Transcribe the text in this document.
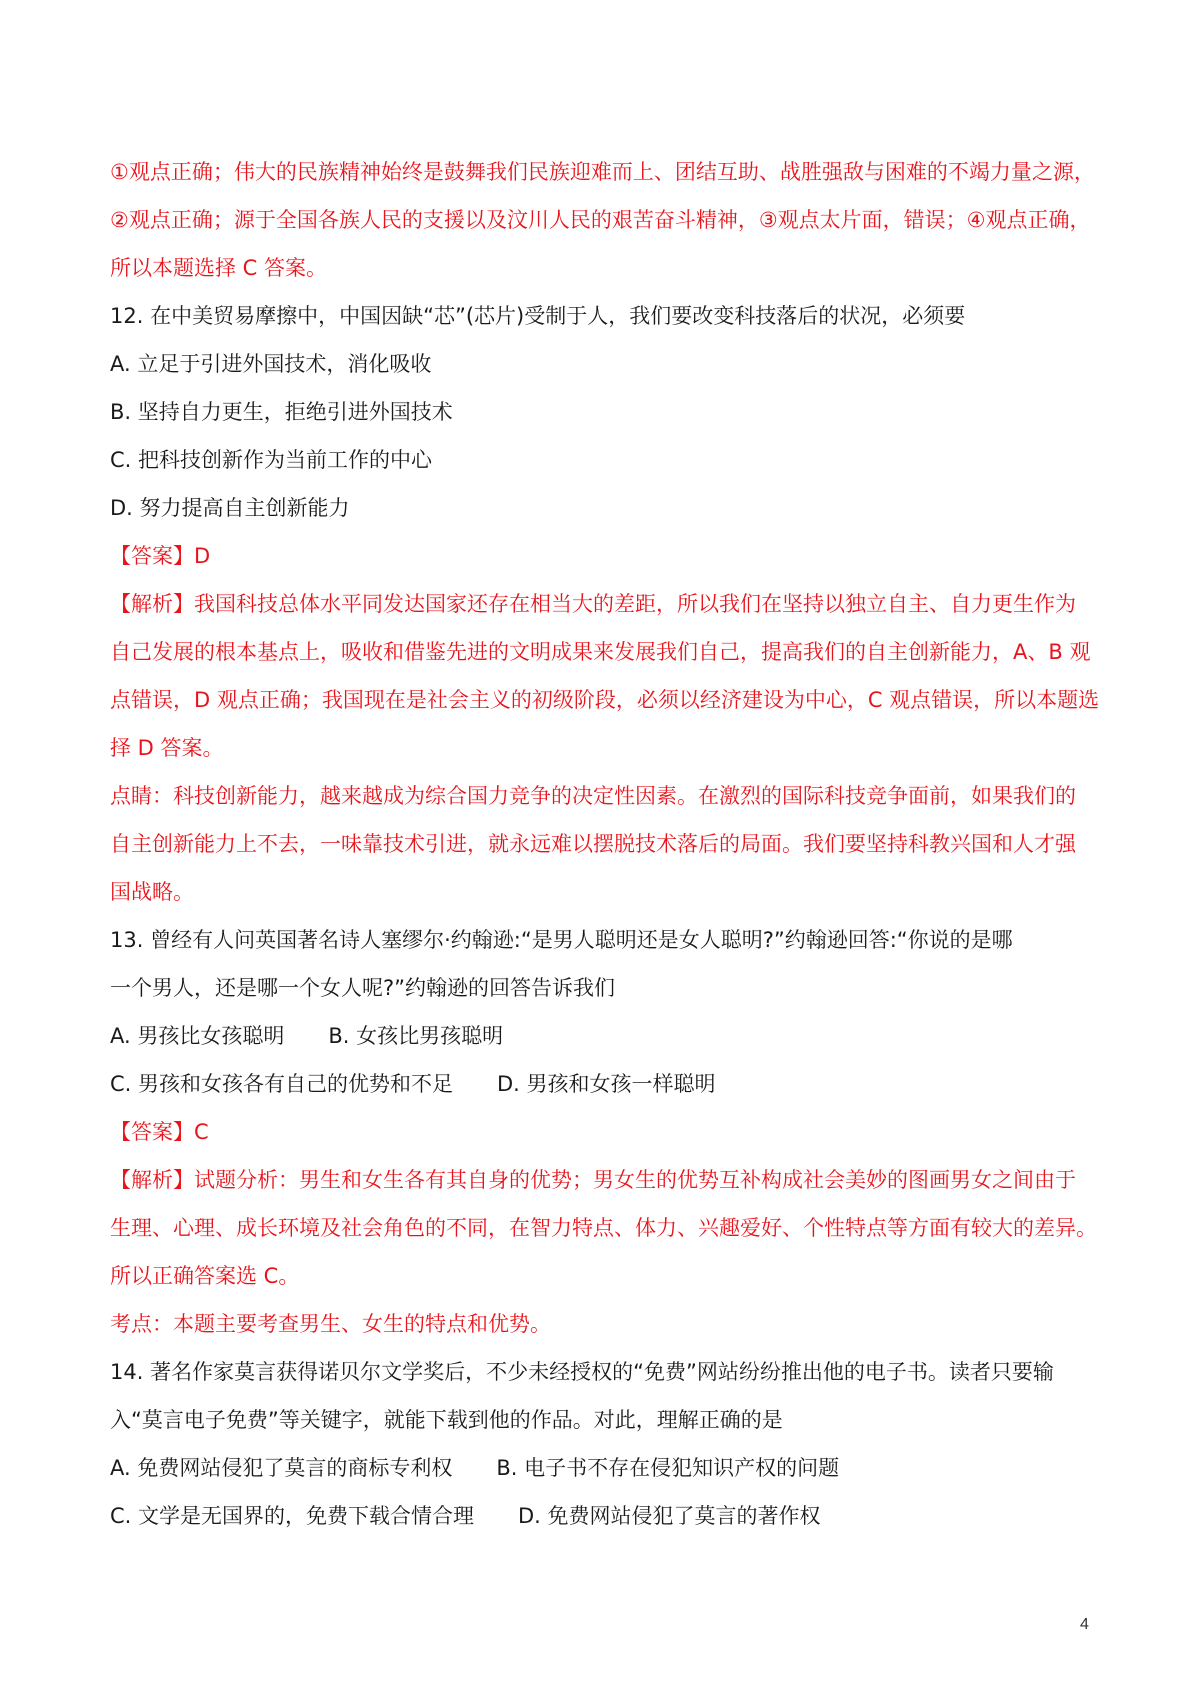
①观点正确；伟大的民族精神始终是鼓舞我们民族迎难而上、团结互助、战胜强敌与困难的不竭力量之源，
②观点正确；源于全国各族人民的支援以及汶川人民的艰苦奋斗精神，③观点太片面，错误；④观点正确，
所以本题选择 C 答案。
12. 在中美贸易摩擦中，中国因缺“芯”(芯片)受制于人，我们要改变科技落后的状况，必须要
A. 立足于引进外国技术，消化吸收
B. 坚持自力更生，拒绝引进外国技术
C. 把科技创新作为当前工作的中心
D. 努力提高自主创新能力
【答案】D
【解析】我国科技总体水平同发达国家还存在相当大的差距，所以我们在坚持以独立自主、自力更生作为
自己发展的根本基点上，吸收和借鉴先进的文明成果来发展我们自己，提高我们的自主创新能力，A、B 观
点错误，D 观点正确；我国现在是社会主义的初级阶段，必须以经济建设为中心，C 观点错误，所以本题选
择 D 答案。
点睛：科技创新能力，越来越成为综合国力竞争的决定性因素。在激烈的国际科技竞争面前，如果我们的
自主创新能力上不去，一味靠技术引进，就永远难以摆脱技术落后的局面。我们要坚持科教兴国和人才强
国战略。
13. 曾经有人问英国著名诗人塞缪尔·约翰逊:“是男人聪明还是女人聪明?”约翰逊回答:“你说的是哪
一个男人，还是哪一个女人呢?”约翰逊的回答告诉我们
A. 男孩比女孩聪明 B. 女孩比男孩聪明
C. 男孩和女孩各有自己的优势和不足 D. 男孩和女孩一样聪明
【答案】C
【解析】试题分析：男生和女生各有其自身的优势；男女生的优势互补构成社会美妙的图画男女之间由于
生理、心理、成长环境及社会角色的不同，在智力特点、体力、兴趣爱好、个性特点等方面有较大的差异。
所以正确答案选 C。
考点：本题主要考查男生、女生的特点和优势。
14. 著名作家莫言获得诺贝尔文学奖后，不少未经授权的“免费”网站纷纷推出他的电子书。读者只要输
入“莫言电子免费”等关键字，就能下载到他的作品。对此，理解正确的是
A. 免费网站侵犯了莫言的商标专利权 B. 电子书不存在侵犯知识产权的问题
C. 文学是无国界的，免费下载合情合理 D. 免费网站侵犯了莫言的著作权
4
